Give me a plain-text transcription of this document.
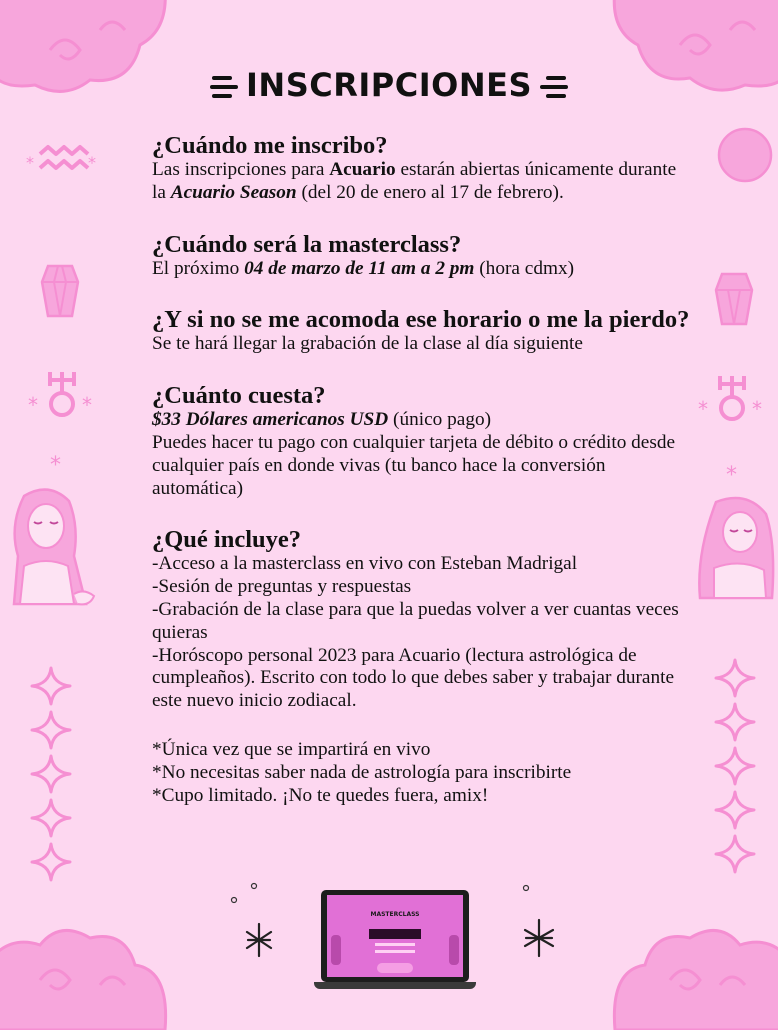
*	*
* *
*
* *
*
INSCRIPCIONES
¿Cuándo me inscribo?

Las inscripciones para Acuario estarán abiertas únicamente durante la Acuario Season (del 20 de enero al 17 de febrero).

¿Cuándo será la masterclass?

El próximo 04 de marzo de 11 am a 2 pm (hora cdmx)

¿Y si no se me acomoda ese horario o me la pierdo?

Se te hará llegar la grabación de la clase al día siguiente

¿Cuánto cuesta?

$33 Dólares americanos USD (único pago)

Puedes hacer tu pago con cualquier tarjeta de débito o crédito desde cualquier país en donde vivas (tu banco hace la conversión automática)

¿Qué incluye?

-Acceso a la masterclass en vivo con Esteban Madrigal

-Sesión de preguntas y respuestas

-Grabación de la clase para que la puedas volver a ver cuantas veces quieras

-Horóscopo personal 2023 para Acuario (lectura astrológica de cumpleaños). Escrito con todo lo que debes saber y trabajar durante este nuevo inicio zodiacal.

*Única vez que se impartirá en vivo

*No necesitas saber nada de astrología para inscribirte

*Cupo limitado. ¡No te quedes fuera, amix!

MASTERCLASS
